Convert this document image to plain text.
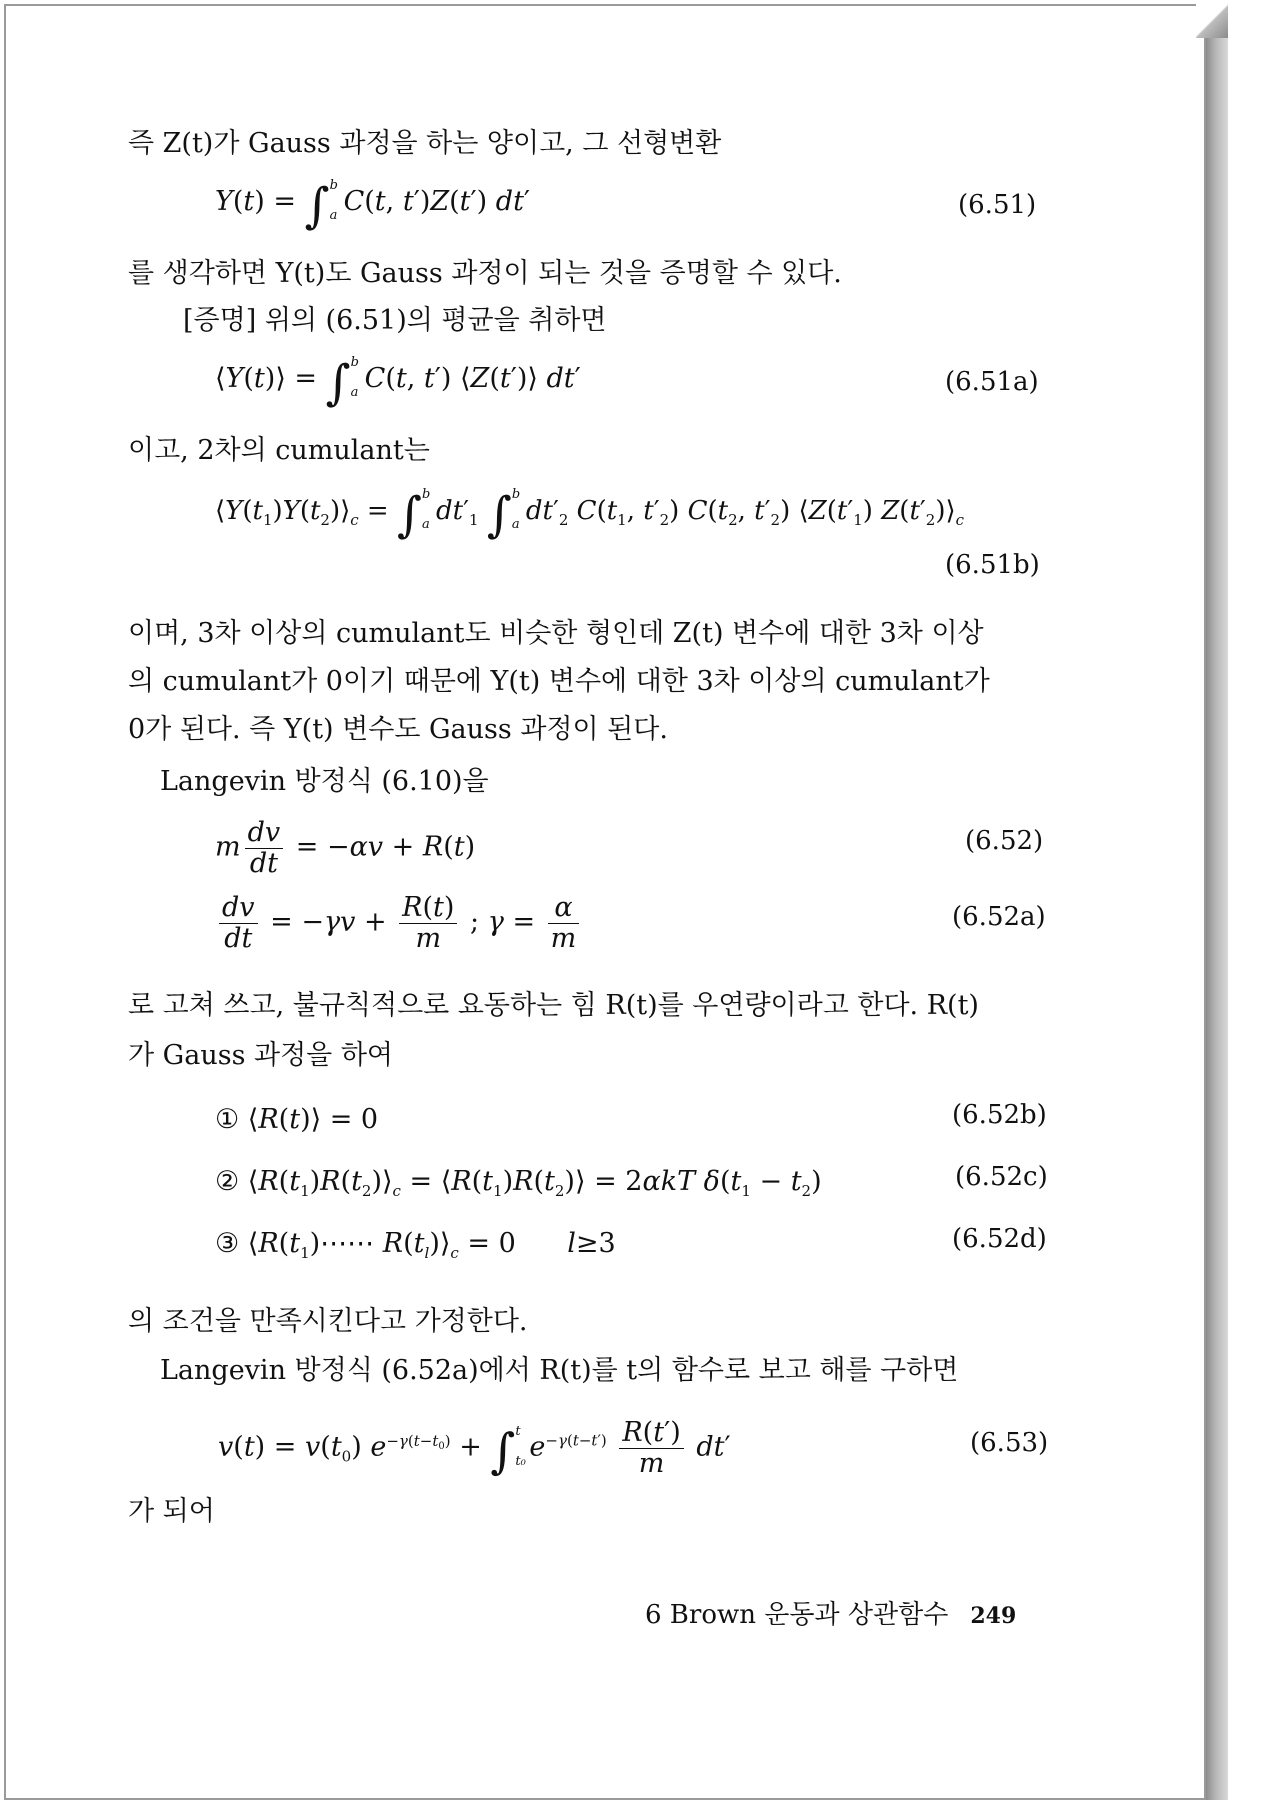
즉 Z(t)가 Gauss 과정을 하는 양이고, 그 선형변환
Y(t) = ∫ b
a C(t, t′)Z(t′) dt′	(6.51)
를 생각하면 Y(t)도 Gauss 과정이 되는 것을 증명할 수 있다.
[증명] 위의 (6.51)의 평균을 취하면
⟨Y(t)⟩ = ∫ b
a C(t, t′) ⟨Z(t′)⟩ dt′	(6.51a)
이고, 2차의 cumulant는
$⟨Y(t_1)Y(t_2)⟩_c$ = ∫ b
a $dt'_1$ ∫ b
a $dt'_2$ $C(t_1$, $t'_2$) $C(t_2$, $t'_2$) $⟨Z(t'_1)$ $Z(t'_2)⟩_c$
(6.51b)
이며, 3차 이상의 cumulant도 비슷한 형인데 Z(t) 변수에 대한 3차 이상
의 cumulant가 0이기 때문에 Y(t) 변수에 대한 3차 이상의 cumulant가
0가 된다. 즉 Y(t) 변수도 Gauss 과정이 된다.
Langevin 방정식 (6.10)을
m $\frac{dv}{dt} = -\alpha v + R(t)$	(6.52)
$\frac{dv}{dt} = -\gamma v + \frac{R(t)}{m}$ ; $\gamma = \frac{\alpha}{m}$	(6.52a)
로 고쳐 쓰고, 불규칙적으로 요동하는 힘 R(t)를 우연량이라고 한다. R(t)
가 Gauss 과정을 하여
① ⟨R(t)⟩ = 0	(6.52b)
② $⟨R(t_1)R(t_2)⟩_c$ = $⟨R(t_1)R(t_2)⟩ = 2\alpha kT$ $\delta(t_1 - t_2)$	(6.52c)
③ $⟨R(t_1)\cdots\cdots$ $R(t_l)⟩_c = 0$      l≥3	(6.52d)
의 조건을 만족시킨다고 가정한다.
Langevin 방정식 (6.52a)에서 R(t)를 t의 함수로 보고 해를 구하면
$v(t) = v(t_0) e^{-\gamma(t-t_0)}$ + ∫ t
t₀ $e^{-\gamma(t-t')} \frac{R(t')}{m} dt'$	(6.53)
가 되어
6 Brown 운동과 상관함수 249
